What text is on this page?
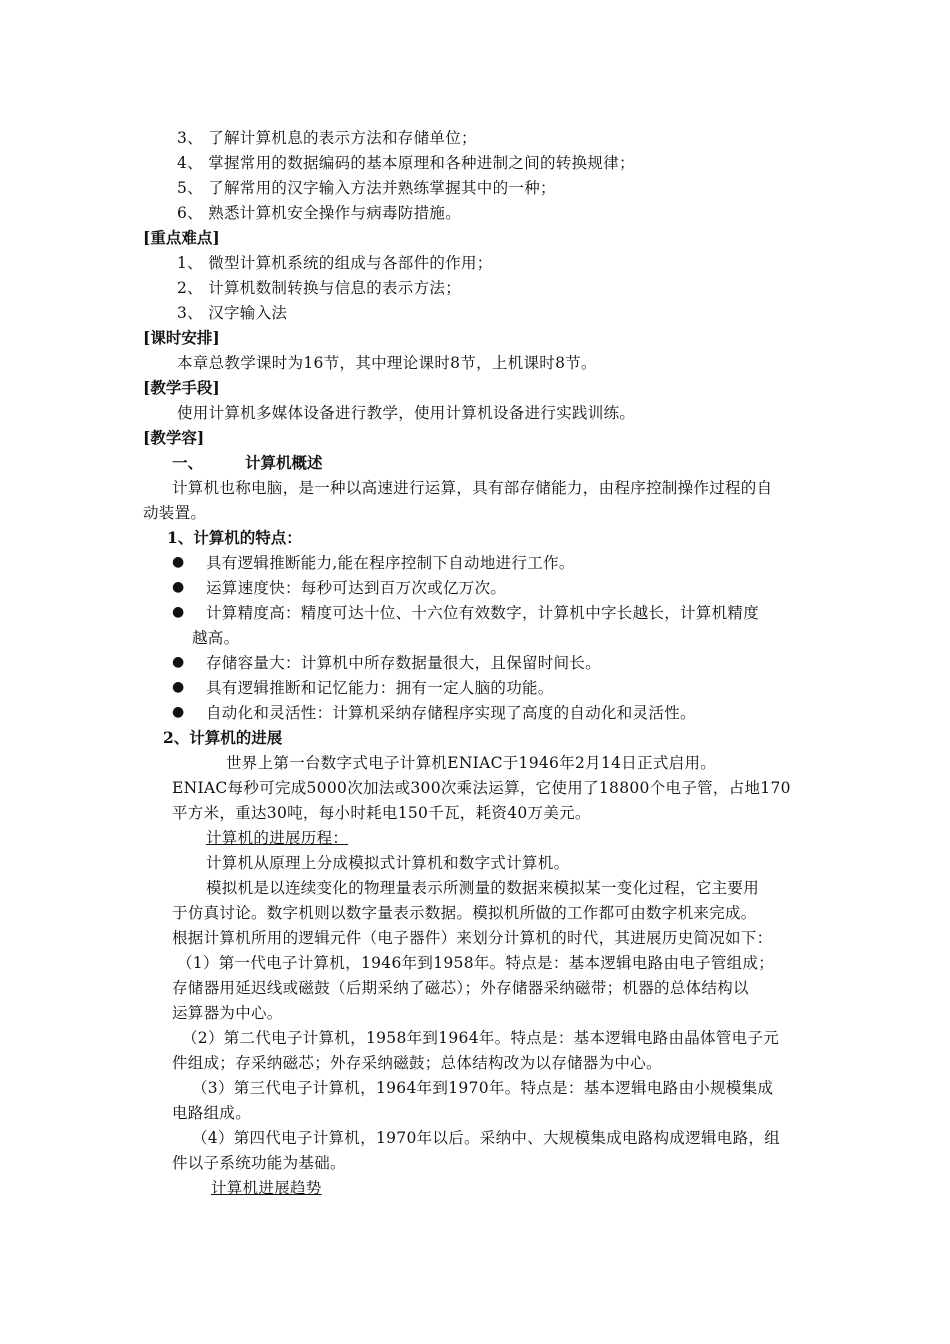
3、 了解计算机息的表示方法和存储单位；
4、 掌握常用的数据编码的基本原理和各种进制之间的转换规律；
5、 了解常用的汉字输入方法并熟练掌握其中的一种；
6、 熟悉计算机安全操作与病毒防措施。
[重点难点]
1、 微型计算机系统的组成与各部件的作用；
2、 计算机数制转换与信息的表示方法；
3、 汉字输入法
[课时安排]
本章总教学课时为16节，其中理论课时8节，上机课时8节。
[教学手段]
使用计算机多媒体设备进行教学，使用计算机设备进行实践训练。
[教学容]
一、	计算机概述
计算机也称电脑，是一种以高速进行运算，具有部存储能力，由程序控制操作过程的自
动装置。
1、计算机的特点：
● 具有逻辑推断能力,能在程序控制下自动地进行工作。
● 运算速度快：每秒可达到百万次或亿万次。
● 计算精度高：精度可达十位、十六位有效数字，计算机中字长越长，计算机精度
越高。
● 存储容量大：计算机中所存数据量很大，且保留时间长。
● 具有逻辑推断和记忆能力：拥有一定人脑的功能。
● 自动化和灵活性：计算机采纳存储程序实现了高度的自动化和灵活性。
2、计算机的进展
世界上第一台数字式电子计算机ENIAC于1946年2月14日正式启用。
ENIAC每秒可完成5000次加法或300次乘法运算，它使用了18800个电子管，占地170
平方米，重达30吨，每小时耗电150千瓦，耗资40万美元。
计算机的进展历程：
计算机从原理上分成模拟式计算机和数字式计算机。
模拟机是以连续变化的物理量表示所测量的数据来模拟某一变化过程，它主要用
于仿真讨论。数字机则以数字量表示数据。模拟机所做的工作都可由数字机来完成。
根据计算机所用的逻辑元件（电子器件）来划分计算机的时代，其进展历史简况如下：
（1）第一代电子计算机，1946年到1958年。特点是：基本逻辑电路由电子管组成；
存储器用延迟线或磁鼓（后期采纳了磁芯）；外存储器采纳磁带；机器的总体结构以
运算器为中心。
（2）第二代电子计算机，1958年到1964年。特点是：基本逻辑电路由晶体管电子元
件组成；存采纳磁芯；外存采纳磁鼓；总体结构改为以存储器为中心。
（3）第三代电子计算机，1964年到1970年。特点是：基本逻辑电路由小规模集成
电路组成。
（4）第四代电子计算机，1970年以后。采纳中、大规模集成电路构成逻辑电路，组
件以子系统功能为基础。
计算机进展趋势
